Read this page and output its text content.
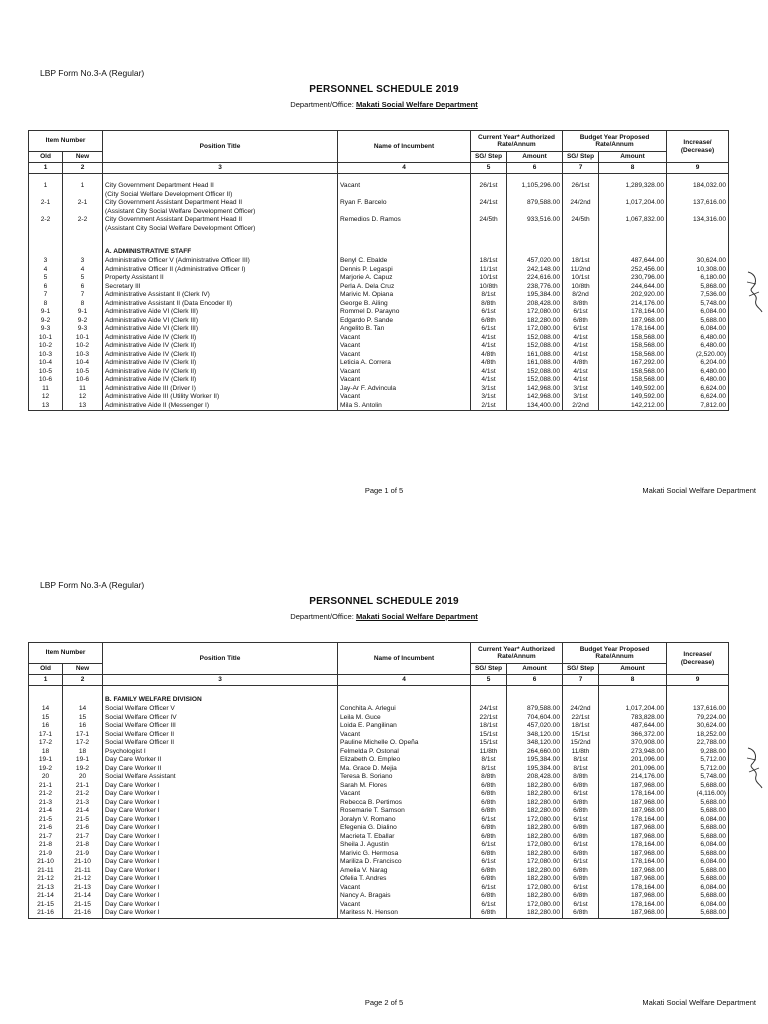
LBP Form No.3-A (Regular)
PERSONNEL SCHEDULE 2019
Department/Office: Makati Social Welfare Department
Item Number		Position Title	Name of Incumbent	Current Year* Authorized Rate/Annum		Budget Year Proposed Rate/Annum		Increase/ (Decrease)
				SG/ Step	Amount	SG/ Step	Amount	
Old	New							
1	2	3	4	5	6	7	8	9

1	1	City Government Department Head II	Vacant	26/1st	1,105,296.00	26/1st	1,289,328.00	184,032.00
		(City Social Welfare Development Officer II)						
2-1	2-1	City Government Assistant Department Head II	Ryan F. Barcelo	24/1st	879,588.00	24/2nd	1,017,204.00	137,616.00
		(Assistant City Social Welfare Development Officer)						
2-2	2-2	City Government Assistant Department Head II	Remedios D. Ramos	24/5th	933,516.00	24/5th	1,067,832.00	134,316.00
		(Assistant City Social Welfare Development Officer)						
		A. ADMINISTRATIVE STAFF						
3	3	Administrative Officer V (Administrative Officer III)	Benyl C. Ebalde	18/1st	457,020.00	18/1st	487,644.00	30,624.00
4	4	Administrative Officer II (Administrative Officer I)	Dennis P. Legaspi	11/1st	242,148.00	11/2nd	252,456.00	10,308.00
5	5	Property Assistant II	Marjorie A. Capuz	10/1st	224,616.00	10/1st	230,796.00	6,180.00
6	6	Secretary III	Perla A. Dela Cruz	10/8th	238,776.00	10/8th	244,644.00	5,868.00
7	7	Administrative Assistant II (Clerk IV)	Marivic M. Opiana	8/1st	195,384.00	8/2nd	202,920.00	7,536.00
8	8	Administrative Assistant II (Data Encoder II)	George B. Ailing	8/8th	208,428.00	8/8th	214,176.00	5,748.00
9-1	9-1	Administrative Aide VI (Clerk III)	Rommel D. Parayno	6/1st	172,080.00	6/1st	178,164.00	6,084.00
9-2	9-2	Administrative Aide VI (Clerk III)	Edgardo P. Sande	6/8th	182,280.00	6/8th	187,968.00	5,688.00
9-3	9-3	Administrative Aide VI (Clerk III)	Angelito B. Tan	6/1st	172,080.00	6/1st	178,164.00	6,084.00
10-1	10-1	Administrative Aide IV (Clerk II)	Vacant	4/1st	152,088.00	4/1st	158,568.00	6,480.00
10-2	10-2	Administrative Aide IV (Clerk II)	Vacant	4/1st	152,088.00	4/1st	158,568.00	6,480.00
10-3	10-3	Administrative Aide IV (Clerk II)	Vacant	4/8th	161,088.00	4/1st	158,568.00	(2,520.00)
10-4	10-4	Administrative Aide IV (Clerk II)	Leticia A. Correra	4/8th	161,088.00	4/8th	167,292.00	6,204.00
10-5	10-5	Administrative Aide IV (Clerk II)	Vacant	4/1st	152,088.00	4/1st	158,568.00	6,480.00
10-6	10-6	Administrative Aide IV (Clerk II)	Vacant	4/1st	152,088.00	4/1st	158,568.00	6,480.00
11	11	Administrative Aide III (Driver I)	Jay-Ar F. Advincula	3/1st	142,968.00	3/1st	149,592.00	6,624.00
12	12	Administrative Aide III (Utility Worker II)	Vacant	3/1st	142,968.00	3/1st	149,592.00	6,624.00
13	13	Administrative Aide II (Messenger I)	Mila S. Antolin	2/1st	134,400.00	2/2nd	142,212.00	7,812.00
Page 1 of 5	Makati Social Welfare Department
LBP Form No.3-A (Regular)
PERSONNEL SCHEDULE 2019
Department/Office: Makati Social Welfare Department
Item Number		Position Title	Name of Incumbent	Current Year* Authorized Rate/Annum		Budget Year Proposed Rate/Annum		Increase/ (Decrease)
				SG/ Step	Amount	SG/ Step	Amount	
Old	New							
1	2	3	4	5	6	7	8	9

		B. FAMILY WELFARE DIVISION						
14	14	Social Welfare Officer V	Conchita A. Arlegui	24/1st	879,588.00	24/2nd	1,017,204.00	137,616.00
15	15	Social Welfare Officer IV	Leila M. Guce	22/1st	704,604.00	22/1st	783,828.00	79,224.00
16	16	Social Welfare Officer III	Loida E. Pangilinan	18/1st	457,020.00	18/1st	487,644.00	30,624.00
17-1	17-1	Social Welfare Officer II	Vacant	15/1st	348,120.00	15/1st	366,372.00	18,252.00
17-2	17-2	Social Welfare Officer II	Pauline Michelle O. Opeña	15/1st	348,120.00	15/2nd	370,908.00	22,788.00
18	18	Psychologist I	Felmelda P. Ostonal	11/8th	264,660.00	11/8th	273,948.00	9,288.00
19-1	19-1	Day Care Worker II	Elizabeth O. Empleo	8/1st	195,384.00	8/1st	201,096.00	5,712.00
19-2	19-2	Day Care Worker II	Ma. Grace D. Mejia	8/1st	195,384.00	8/1st	201,096.00	5,712.00
20	20	Social Welfare Assistant	Teresa B. Soriano	8/8th	208,428.00	8/8th	214,176.00	5,748.00
21-1	21-1	Day Care Worker I	Sarah M. Flores	6/8th	182,280.00	6/8th	187,968.00	5,688.00
21-2	21-2	Day Care Worker I	Vacant	6/8th	182,280.00	6/1st	178,164.00	(4,116.00)
21-3	21-3	Day Care Worker I	Rebecca B. Pertimos	6/8th	182,280.00	6/8th	187,968.00	5,688.00
21-4	21-4	Day Care Worker I	Rosemarie T. Samson	6/8th	182,280.00	6/8th	187,968.00	5,688.00
21-5	21-5	Day Care Worker I	Joralyn V. Romano	6/1st	172,080.00	6/1st	178,164.00	6,084.00
21-6	21-6	Day Care Worker I	Efegenia G. Dialino	6/8th	182,280.00	6/8th	187,968.00	5,688.00
21-7	21-7	Day Care Worker I	Macrieta T. Eballar	6/8th	182,280.00	6/8th	187,968.00	5,688.00
21-8	21-8	Day Care Worker I	Sheila J. Agustin	6/1st	172,080.00	6/1st	178,164.00	6,084.00
21-9	21-9	Day Care Worker I	Marivic G. Hermosa	6/8th	182,280.00	6/8th	187,968.00	5,688.00
21-10	21-10	Day Care Worker I	Mariliza D. Francisco	6/1st	172,080.00	6/1st	178,164.00	6,084.00
21-11	21-11	Day Care Worker I	Amelia V. Narag	6/8th	182,280.00	6/8th	187,968.00	5,688.00
21-12	21-12	Day Care Worker I	Ofelia T. Andres	6/8th	182,280.00	6/8th	187,968.00	5,688.00
21-13	21-13	Day Care Worker I	Vacant	6/1st	172,080.00	6/1st	178,164.00	6,084.00
21-14	21-14	Day Care Worker I	Nancy A. Bragais	6/8th	182,280.00	6/8th	187,968.00	5,688.00
21-15	21-15	Day Care Worker I	Vacant	6/1st	172,080.00	6/1st	178,164.00	6,084.00
21-16	21-16	Day Care Worker I	Maritess N. Henson	6/8th	182,280.00	6/8th	187,968.00	5,688.00
Page 2 of 5	Makati Social Welfare Department
